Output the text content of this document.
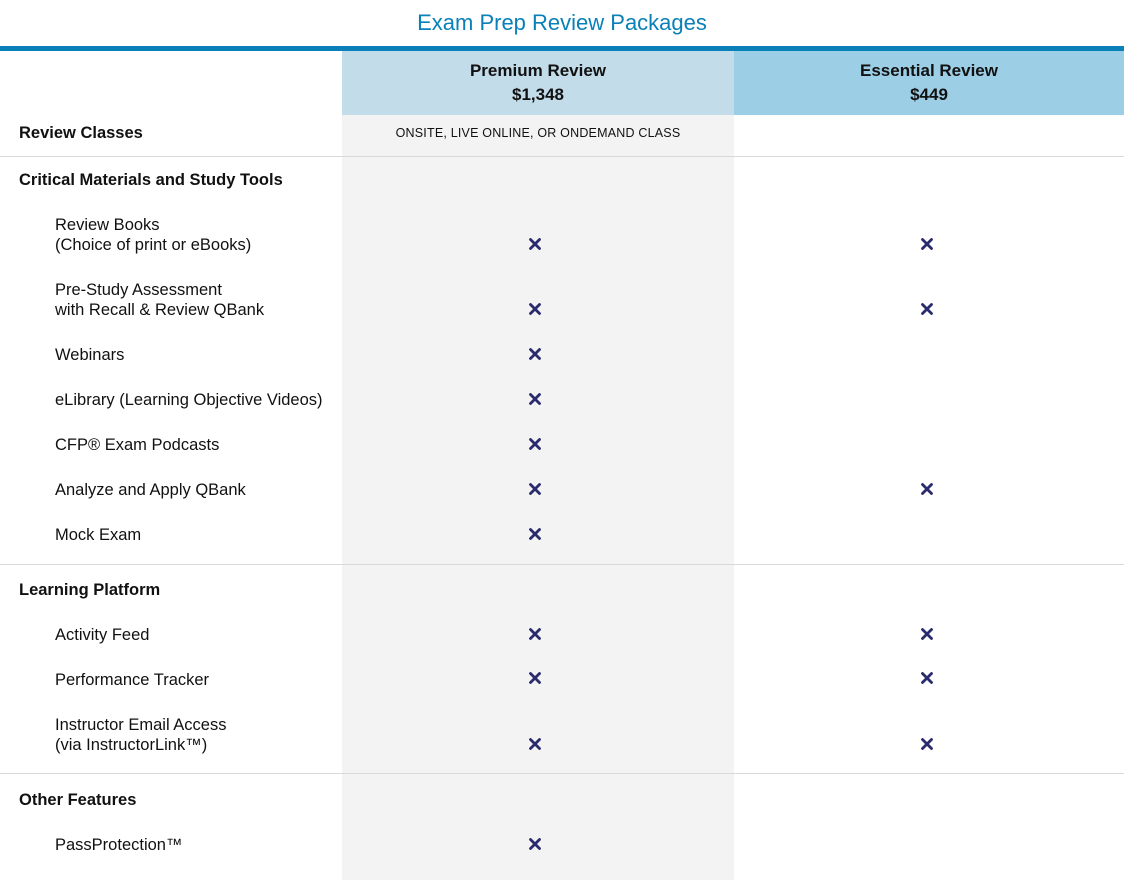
Exam Prep Review Packages
Premium Review
$1,348
Essential Review
$449
Review Classes	ONSITE, LIVE ONLINE, OR ONDEMAND CLASS
Critical Materials and Study Tools
Review Books
(Choice of print or eBooks)
Pre-Study Assessment
with Recall & Review QBank
Webinars
eLibrary (Learning Objective Videos)
CFP® Exam Podcasts
Analyze and Apply QBank
Mock Exam
Learning Platform
Activity Feed
Performance Tracker
Instructor Email Access
(via InstructorLink™)
Other Features
PassProtection™
